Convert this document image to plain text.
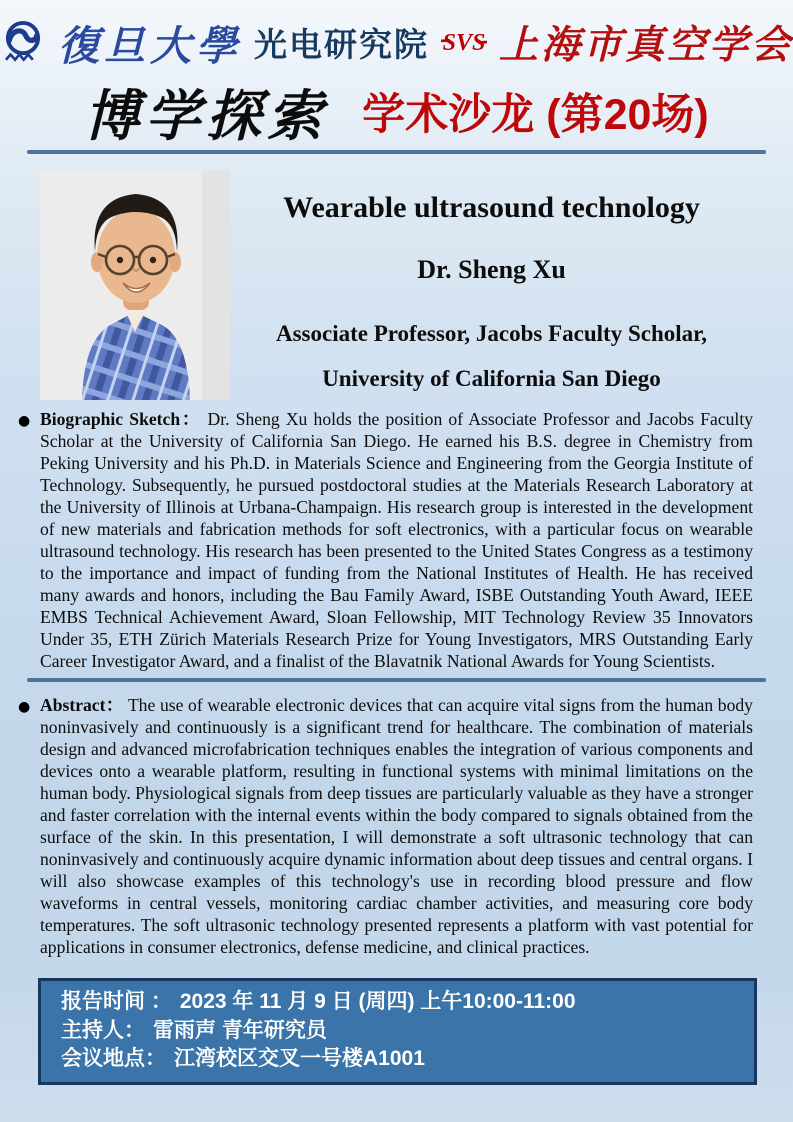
復旦大學 光电研究院 SVS 上海市真空学会
博学探索 学术沙龙 (第20场)
Wearable ultrasound technology
Dr. Sheng Xu
Associate Professor, Jacobs Faculty Scholar,
University of California San Diego
● Biographic Sketch： Dr. Sheng Xu holds the position of Associate Professor and Jacobs Faculty Scholar at the University of California San Diego. He earned his B.S. degree in Chemistry from Peking University and his Ph.D. in Materials Science and Engineering from the Georgia Institute of Technology. Subsequently, he pursued postdoctoral studies at the Materials Research Laboratory at the University of Illinois at Urbana-Champaign. His research group is interested in the development of new materials and fabrication methods for soft electronics, with a particular focus on wearable ultrasound technology. His research has been presented to the United States Congress as a testimony to the importance and impact of funding from the National Institutes of Health. He has received many awards and honors, including the Bau Family Award, ISBE Outstanding Youth Award, IEEE EMBS Technical Achievement Award, Sloan Fellowship, MIT Technology Review 35 Innovators Under 35, ETH Zürich Materials Research Prize for Young Investigators, MRS Outstanding Early Career Investigator Award, and a finalist of the Blavatnik National Awards for Young Scientists.

● Abstract： The use of wearable electronic devices that can acquire vital signs from the human body noninvasively and continuously is a significant trend for healthcare. The combination of materials design and advanced microfabrication techniques enables the integration of various components and devices onto a wearable platform, resulting in functional systems with minimal limitations on the human body. Physiological signals from deep tissues are particularly valuable as they have a stronger and faster correlation with the internal events within the body compared to signals obtained from the surface of the skin. In this presentation, I will demonstrate a soft ultrasonic technology that can noninvasively and continuously acquire dynamic information about deep tissues and central organs. I will also showcase examples of this technology's use in recording blood pressure and flow waveforms in central vessels, monitoring cardiac chamber activities, and measuring core body temperatures. The soft ultrasonic technology presented represents a platform with vast potential for applications in consumer electronics, defense medicine, and clinical practices.

报告时间 ： 2023 年 11 月 9 日 (周四) 上午10:00-11:00
主持人： 雷雨声 青年研究员
会议地点： 江湾校区交叉一号楼A1001
